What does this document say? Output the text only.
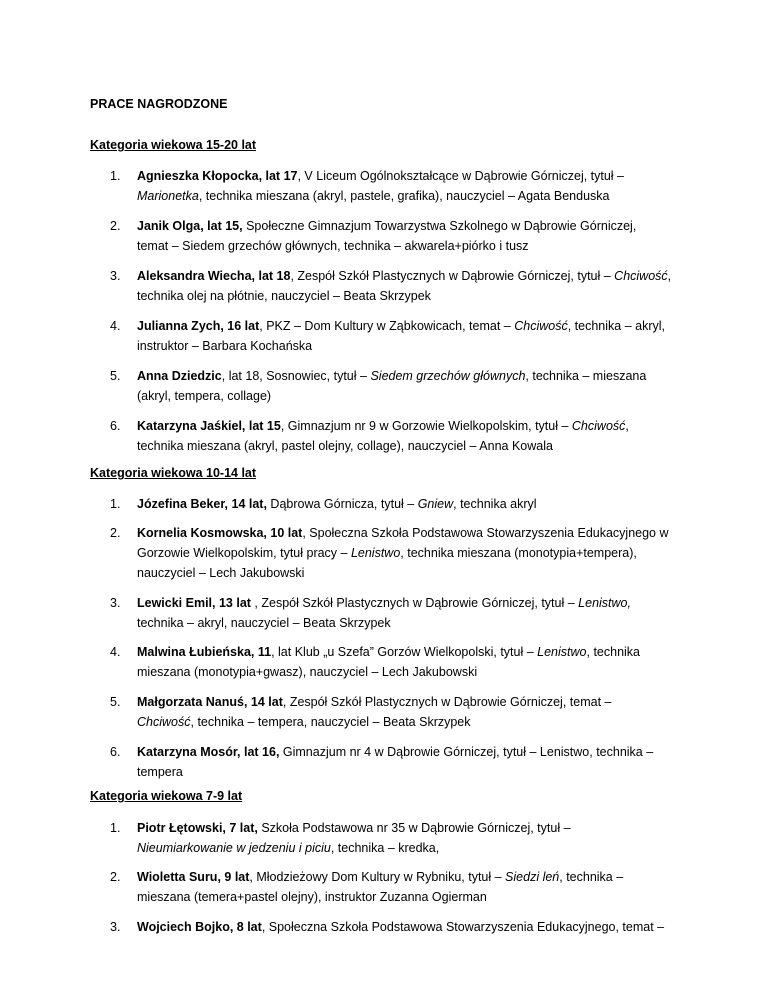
PRACE NAGRODZONE
Kategoria wiekowa 15-20 lat
1. Agnieszka Kłopocka, lat 17, V Liceum Ogólnokształcące w Dąbrowie Górniczej, tytuł –
Marionetka, technika mieszana (akryl, pastele, grafika), nauczyciel – Agata Benduska
2. Janik Olga, lat 15, Społeczne Gimnazjum Towarzystwa Szkolnego w Dąbrowie Górniczej,
temat – Siedem grzechów głównych, technika – akwarela+piórko i tusz
3. Aleksandra Wiecha, lat 18, Zespół Szkół Plastycznych w Dąbrowie Górniczej, tytuł – Chciwość,
technika olej na płótnie, nauczyciel – Beata Skrzypek
4. Julianna Zych, 16 lat, PKZ – Dom Kultury w Ząbkowicach, temat – Chciwość, technika – akryl,
instruktor – Barbara Kochańska
5. Anna Dziedzic, lat 18, Sosnowiec, tytuł – Siedem grzechów głównych, technika – mieszana
(akryl, tempera, collage)
6. Katarzyna Jaśkiel, lat 15, Gimnazjum nr 9 w Gorzowie Wielkopolskim, tytuł – Chciwość,
technika mieszana (akryl, pastel olejny, collage), nauczyciel – Anna Kowala
Kategoria wiekowa 10-14 lat
1. Józefina Beker, 14 lat, Dąbrowa Górnicza, tytuł – Gniew, technika akryl
2. Kornelia Kosmowska, 10 lat, Społeczna Szkoła Podstawowa Stowarzyszenia Edukacyjnego w
Gorzowie Wielkopolskim, tytuł pracy – Lenistwo, technika mieszana (monotypia+tempera),
nauczyciel – Lech Jakubowski
3. Lewicki Emil, 13 lat , Zespół Szkół Plastycznych w Dąbrowie Górniczej, tytuł – Lenistwo,
technika – akryl, nauczyciel – Beata Skrzypek
4. Malwina Łubieńska, 11, lat Klub „u Szefa” Gorzów Wielkopolski, tytuł – Lenistwo, technika
mieszana (monotypia+gwasz), nauczyciel – Lech Jakubowski
5. Małgorzata Nanuś, 14 lat, Zespół Szkół Plastycznych w Dąbrowie Górniczej, temat –
Chciwość, technika – tempera, nauczyciel – Beata Skrzypek
6. Katarzyna Mosór, lat 16, Gimnazjum nr 4 w Dąbrowie Górniczej, tytuł – Lenistwo, technika –
tempera
Kategoria wiekowa 7-9 lat
1. Piotr Łętowski, 7 lat, Szkoła Podstawowa nr 35 w Dąbrowie Górniczej, tytuł –
Nieumiarkowanie w jedzeniu i piciu, technika – kredka,
2. Wioletta Suru, 9 lat, Młodzieżowy Dom Kultury w Rybniku, tytuł – Siedzi leń, technika –
mieszana (temera+pastel olejny), instruktor Zuzanna Ogierman
3. Wojciech Bojko, 8 lat, Społeczna Szkoła Podstawowa Stowarzyszenia Edukacyjnego, temat –
